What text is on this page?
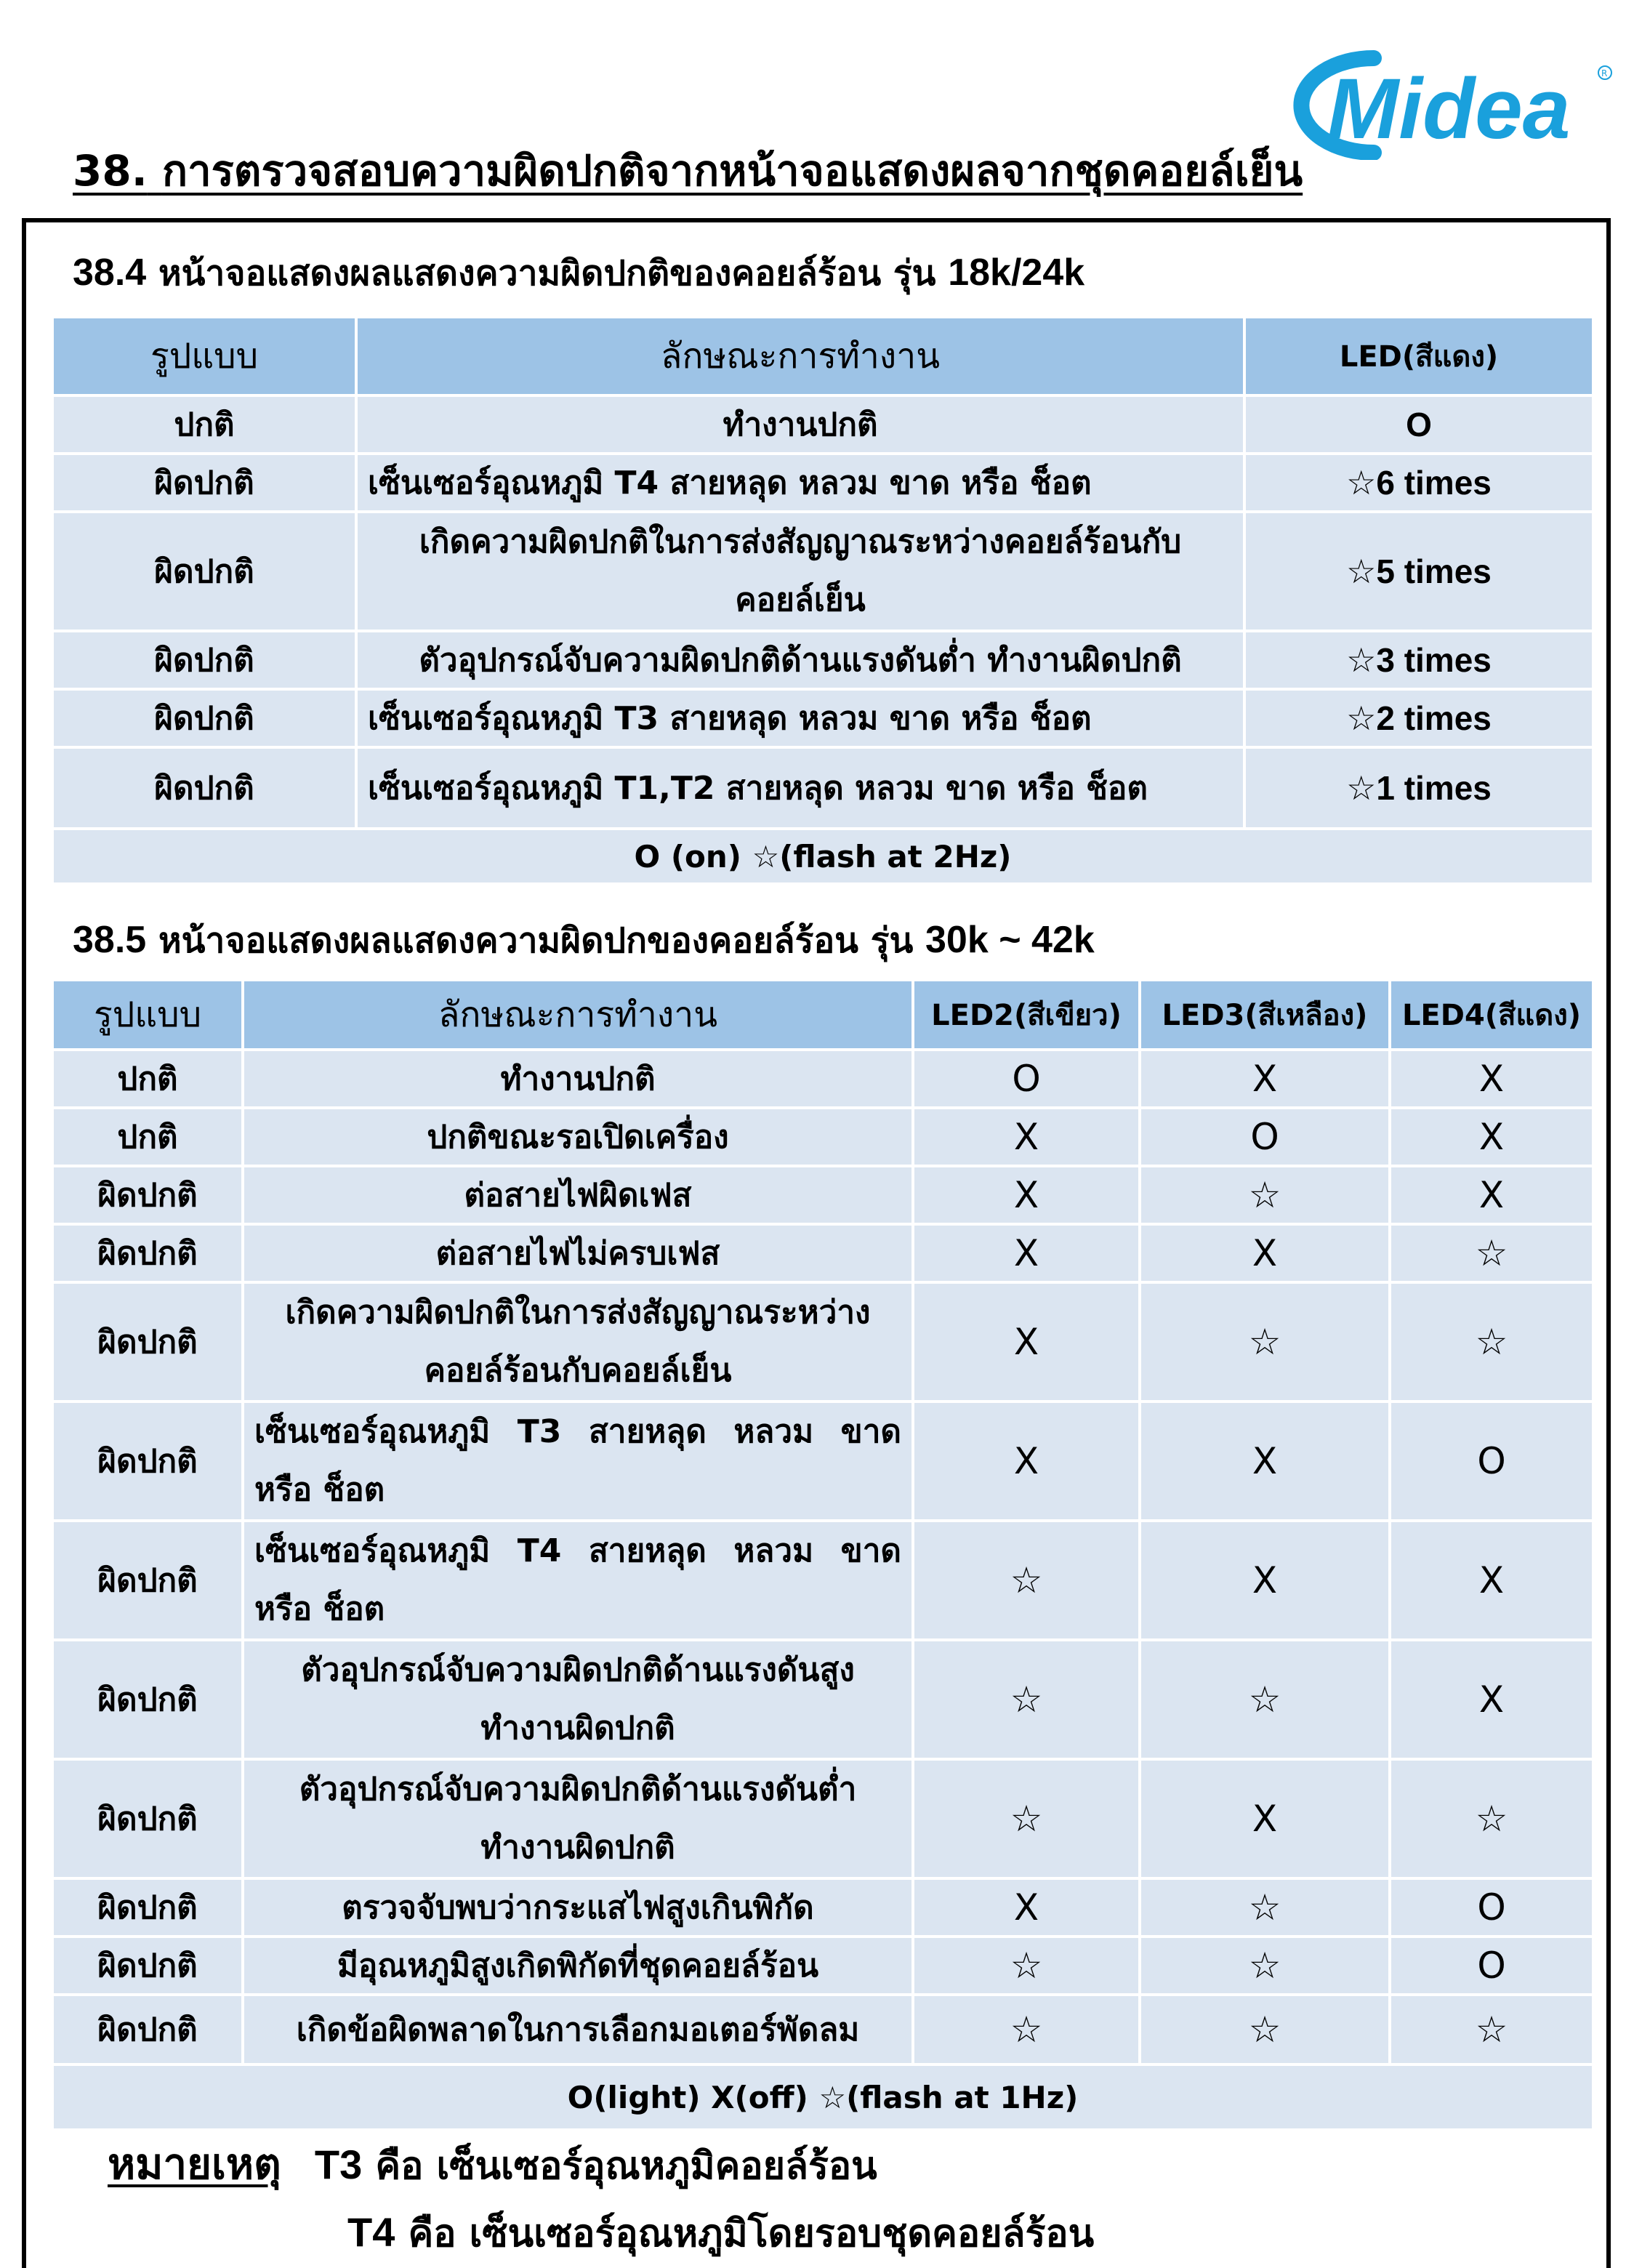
Midea	R
38. การตรวจสอบความผิดปกติจากหน้าจอแสดงผลจากชุดคอยล์เย็น
38.4 หน้าจอแสดงผลแสดงความผิดปกติของคอยล์ร้อน รุ่น 18k/24k
รูปแบบ	ลักษณะการทำงาน	LED(สีแดง)
ปกติ	ทำงานปกติ	O
ผิดปกติ	เซ็นเซอร์อุณหภูมิ T4 สายหลุด หลวม ขาด หรือ ช็อต	☆6 times
ผิดปกติ	เกิดความผิดปกติในการส่งสัญญาณระหว่างคอยล์ร้อนกับคอยล์เย็น	☆5 times
ผิดปกติ	ตัวอุปกรณ์จับความผิดปกติด้านแรงดันต่ำ ทำงานผิดปกติ	☆3 times
ผิดปกติ	เซ็นเซอร์อุณหภูมิ T3 สายหลุด หลวม ขาด หรือ ช็อต	☆2 times
ผิดปกติ	เซ็นเซอร์อุณหภูมิ T1,T2 สายหลุด หลวม ขาด หรือ ช็อต	☆1 times
O (on) ☆(flash at 2Hz)		
38.5 หน้าจอแสดงผลแสดงความผิดปกของคอยล์ร้อน รุ่น 30k ~ 42k
รูปแบบ	ลักษณะการทำงาน	LED2(สีเขียว)	LED3(สีเหลือง)	LED4(สีแดง)
ปกติ	ทำงานปกติ	O	X	X
ปกติ	ปกติขณะรอเปิดเครื่อง	X	O	X
ผิดปกติ	ต่อสายไฟผิดเฟส	X	☆	X
ผิดปกติ	ต่อสายไฟไม่ครบเฟส	X	X	☆
ผิดปกติ	เกิดความผิดปกติในการส่งสัญญาณระหว่างคอยล์ร้อนกับคอยล์เย็น	X	☆	☆
ผิดปกติ	เซ็นเซอร์อุณหภูมิ T3 สายหลุด หลวม ขาด หรือ ช็อต	X	X	O
ผิดปกติ	เซ็นเซอร์อุณหภูมิ T4 สายหลุด หลวม ขาด หรือ ช็อต	☆	X	X
ผิดปกติ	ตัวอุปกรณ์จับความผิดปกติด้านแรงดันสูงทำงานผิดปกติ	☆	☆	X
ผิดปกติ	ตัวอุปกรณ์จับความผิดปกติด้านแรงดันต่ำทำงานผิดปกติ	☆	X	☆
ผิดปกติ	ตรวจจับพบว่ากระแสไฟสูงเกินพิกัด	X	☆	O
ผิดปกติ	มีอุณหภูมิสูงเกิดพิกัดที่ชุดคอยล์ร้อน	☆	☆	O
ผิดปกติ	เกิดข้อผิดพลาดในการเลือกมอเตอร์พัดลม	☆	☆	☆
O(light) X(off) ☆(flash at 1Hz)				
หมายเหตุ T3 คือ เซ็นเซอร์อุณหภูมิคอยล์ร้อน
T4 คือ เซ็นเซอร์อุณหภูมิโดยรอบชุดคอยล์ร้อน
